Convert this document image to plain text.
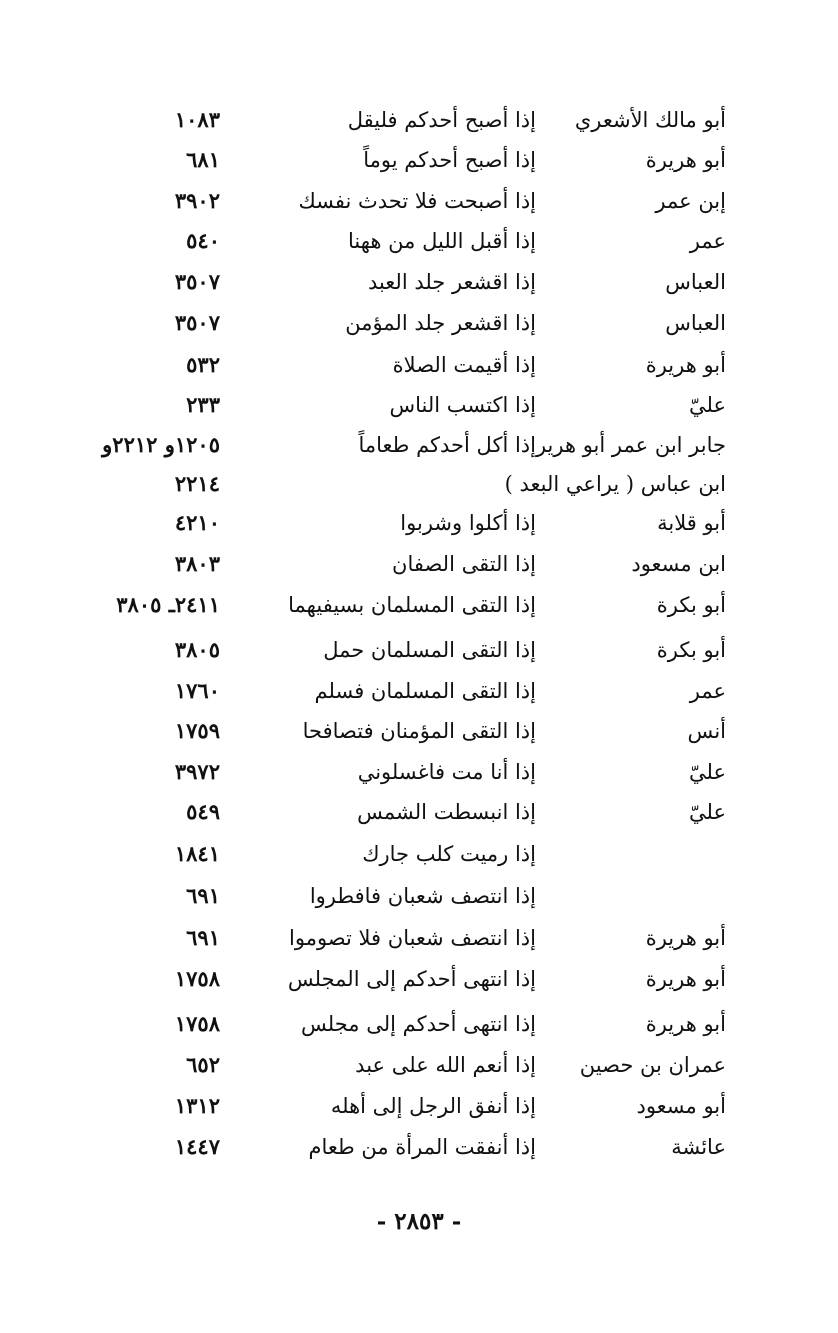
أبو مالك الأشعري
إذا أصبح أحدكم فليقل
١٠٨٣
أبو هريرة
إذا أصبح أحدكم يوماً
٦٨١
إبن عمر
إذا أصبحت فلا تحدث نفسك
٣٩٠٢
عمر
إذا أقبل الليل من ههنا
٥٤٠
العباس
إذا اقشعر جلد العبد
٣٥٠٧
العباس
إذا اقشعر جلد المؤمن
٣٥٠٧
أبو هريرة
إذا أقيمت الصلاة
٥٣٢
عليّ
إذا اكتسب الناس
٢٣٣
جابر ابن عمر أبو هرير
إذا أكل أحدكم طعاماً
١٢٠٥و ٢٢١٢و
ابن عباس ( يراعي البعد )
٢٢١٤
أبو قلابة
إذا أكلوا وشربوا
٤٢١٠
ابن مسعود
إذا التقى الصفان
٣٨٠٣
أبو بكرة
إذا التقى المسلمان بسيفيهما
٢٤١١ـ ٣٨٠٥
أبو بكرة
إذا التقى المسلمان حمل
٣٨٠٥
عمر
إذا التقى المسلمان فسلم
١٧٦٠
أنس
إذا التقى المؤمنان فتصافحا
١٧٥٩
عليّ
إذا أنا مت فاغسلوني
٣٩٧٢
عليّ
إذا انبسطت الشمس
٥٤٩
إذا رميت كلب جارك
١٨٤١
إذا انتصف شعبان فافطروا
٦٩١
أبو هريرة
إذا انتصف شعبان فلا تصوموا
٦٩١
أبو هريرة
إذا انتهى أحدكم إلى المجلس
١٧٥٨
أبو هريرة
إذا انتهى أحدكم إلى مجلس
١٧٥٨
عمران بن حصين
إذا أنعم الله على عبد
٦٥٢
أبو مسعود
إذا أنفق الرجل إلى أهله
١٣١٢
عائشة
إذا أنفقت المرأة من طعام
١٤٤٧
- ٢٨٥٣ -
